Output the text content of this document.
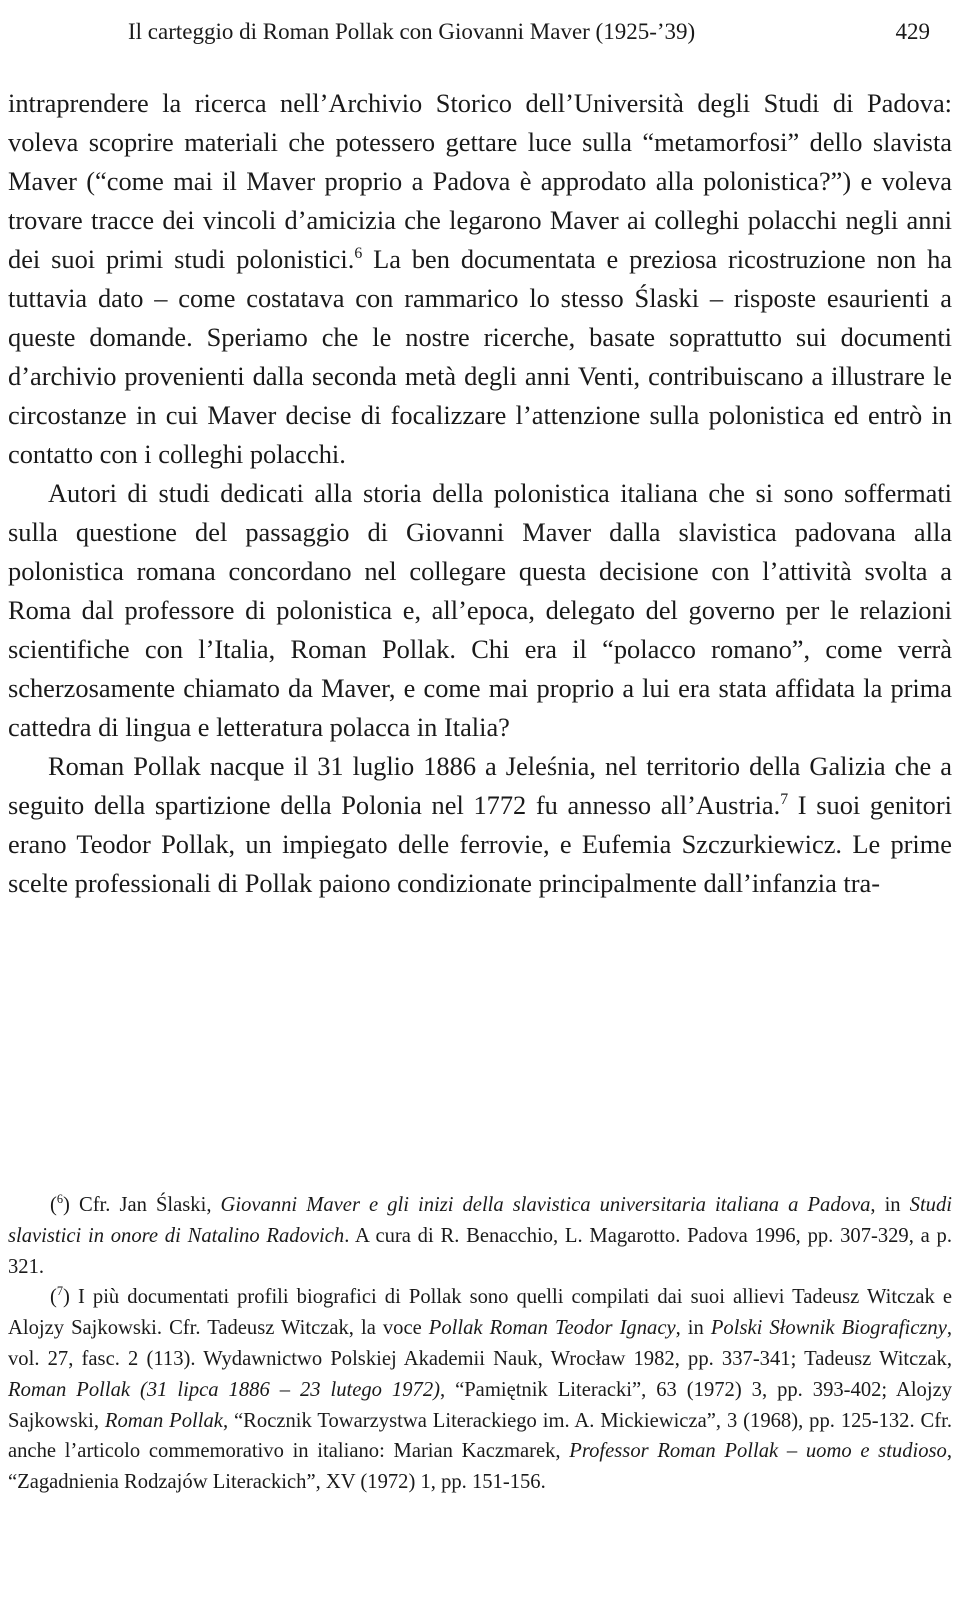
Il carteggio di Roman Pollak con Giovanni Maver (1925-’39)	429

intraprendere la ricerca nell’Archivio Storico dell’Università degli Studi di Padova: voleva scoprire materiali che potessero gettare luce sulla “metamorfosi” dello slavista Maver (“come mai il Maver proprio a Padova è approdato alla polonistica?”) e voleva trovare tracce dei vincoli d’amicizia che legarono Maver ai colleghi polacchi negli anni dei suoi primi studi polonistici.$^6$ La ben documentata e preziosa ricostruzione non ha tuttavia dato – come costatava con rammarico lo stesso Ślaski – risposte esaurienti a queste domande. Speriamo che le nostre ricerche, basate soprattutto sui documenti d’archivio provenienti dalla seconda metà degli anni Venti, contribuiscano a illustrare le circostanze in cui Maver decise di focalizzare l’attenzione sulla polonistica ed entrò in contatto con i colleghi polacchi.

Autori di studi dedicati alla storia della polonistica italiana che si sono soffermati sulla questione del passaggio di Giovanni Maver dalla slavistica padovana alla polonistica romana concordano nel collegare questa decisione con l’attività svolta a Roma dal professore di polonistica e, all’epoca, delegato del governo per le relazioni scientifiche con l’Italia, Roman Pollak. Chi era il “polacco romano”, come verrà scherzosamente chiamato da Maver, e come mai proprio a lui era stata affidata la prima cattedra di lingua e letteratura polacca in Italia?

Roman Pollak nacque il 31 luglio 1886 a Jeleśnia, nel territorio della Galizia che a seguito della spartizione della Polonia nel 1772 fu annesso all’Austria.$^7$ I suoi genitori erano Teodor Pollak, un impiegato delle ferrovie, e Eufemia Szczurkiewicz. Le prime scelte professionali di Pollak paiono condizionate principalmente dall’infanzia tra-

($^6$) Cfr. Jan Ślaski, Giovanni Maver e gli inizi della slavistica universitaria italiana a Padova, in Studi slavistici in onore di Natalino Radovich. A cura di R. Benacchio, L. Magarotto. Padova 1996, pp. 307-329, a p. 321.

($^7$) I più documentati profili biografici di Pollak sono quelli compilati dai suoi allievi Tadeusz Witczak e Alojzy Sajkowski. Cfr. Tadeusz Witczak, la voce Pollak Roman Teodor Ignacy, in Polski Słownik Biograficzny, vol. 27, fasc. 2 (113). Wydawnictwo Polskiej Akademii Nauk, Wrocław 1982, pp. 337-341; Tadeusz Witczak, Roman Pollak (31 lipca 1886 – 23 lutego 1972), “Pamiętnik Literacki”, 63 (1972) 3, pp. 393-402; Alojzy Sajkowski, Roman Pollak, “Rocznik Towarzystwa Literackiego im. A. Mickiewicza”, 3 (1968), pp. 125-132. Cfr. anche l’articolo commemorativo in italiano: Marian Kaczmarek, Professor Roman Pollak – uomo e studioso, “Zagadnienia Rodzajów Literackich”, XV (1972) 1, pp. 151-156.
